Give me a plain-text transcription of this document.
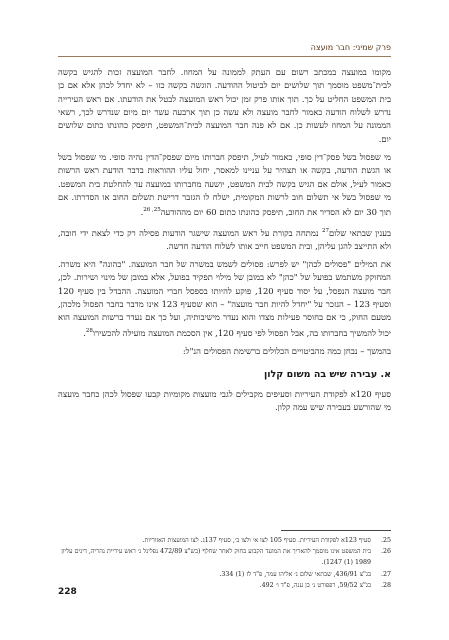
פרק שמיני: חבר מועצה

מקומו במועצה במכתב רשום עם העתק לממונה על המחוז. לחבר המועצה זכות להגיש בקשה לבית־משפט מוסמך תוך שלושים יום לביטול ההודעה. הוגשה בקשה כזו – לא יחדל לכהן אלא אם כן בית המשפט החליט על כך. תוך אותו פרק זמן יכול ראש המועצה לבטל את הודעתו. אם ראש העירייה נדרש לשלוח הודעה כאמור לחבר מועצה ולא עשה כן תוך ארבעה עשר יום מיום שנדרש לכך, רשאי הממונה על המחוז לעשות כן. אם לא פנה חבר המועצה לבית־המשפט, תיפסק כהונתו כתום שלושים יום.

מי שפסול בשל פסק־דין סופי, כאמור לעיל, תיפסק חברותו מיום שפסק־הדין נהיה סופי. מי שפסול בשל או הגשת הודעה, בקשה או תצהיר על עניינו למאסר, יחול עליו ההוראות בדבר הודעת ראש הרשות כאמור לעיל, אולם אם הגיש בקשה לבית המשפט, יושעה מחברותו במועצה עד להחלטת בית המשפט. מי שפסול בשל אי תשלום חוב לרשות המקומית, ישלח לו הגזבר דרישת תשלום החוב או הסדרתו. אם תוך 30 יום לא הסדיר את החוב, תיפסק כהונתו כתום 60 יום מההודעה$^{25,}$ $^{26}$.

בענין שבתאי שלום$^{27}$ נמתחה בקורת על ראש המועצה שישגר הודעות פסילה רק כדי לצאת ידי חובה, ולא התייצב להגן עליהן, ובית המשפט חייב אותו לשלוח הודעה חדשה.

את המילים "פסולים לכהן" יש לפרש: פסולים לשמש במשרה של חבר המועצה. "כהונה" היא משרה. המחוקק משתמש בפועל של "כהן" לא במובן של מילוי תפקיד בפועל, אלא במובן של מינוי ושירות. לכן, חבר מועצה הנפסל, על יסוד סעיף 120, פוקע להיותו בספסל חברי המועצה. ההבדל בין סעיף 120 וסעיף 123 – הנזכר על "יחדל להיות חבר מועצה" – הוא שסעיף 123 אינו מדבר בחבר הפסול מלכהן, מטעם החוק, כי אם בחוסר פעילות מצדו והוא נעדר מישיבותיה, ועל כך אם נעדר ברשות המועצה הוא יכול להמשיך בחברותו בה, אבל הפסול לפי סעיף 120, אין הסכמת המועצה מועילה להכשירו$^{28}$.

בהמשך – נבחן כמה מהביטויים הכלולים ברשימת הפסולים הנ"ל:

א. עבירה שיש בה משום קלון

סעיף 120א לפקודת העיריות וסעיפים מקבילים לגבי מועצות מקומיות קבעו שפסול לכהן כחבר מועצה מי שהורשע בעבירה שיש עמה קלון.

25.
סעיף 123א לפקודת העיריות. סעיף 105 לצו א׳ ולצו ב׳, סעיף 137ג. לצו המועצות האזוריות.
26.
בית המשפט אינו מוסמך להאריך את המועד הקבוע בחוק לאחר שחלף (בש"צ 472/89 נפלינל נ׳ ראש עיריית נהריה, דינים עליון 1989 (1) 1247).
27.
בג"צ 436/91, שבתאי שלום נ׳ אליהו עמר, פ"ד לז (1) 334.
28.
בג"צ 59/52, רפפורט נ׳ בן ענה, פ"ד ו׳ 492.
228
